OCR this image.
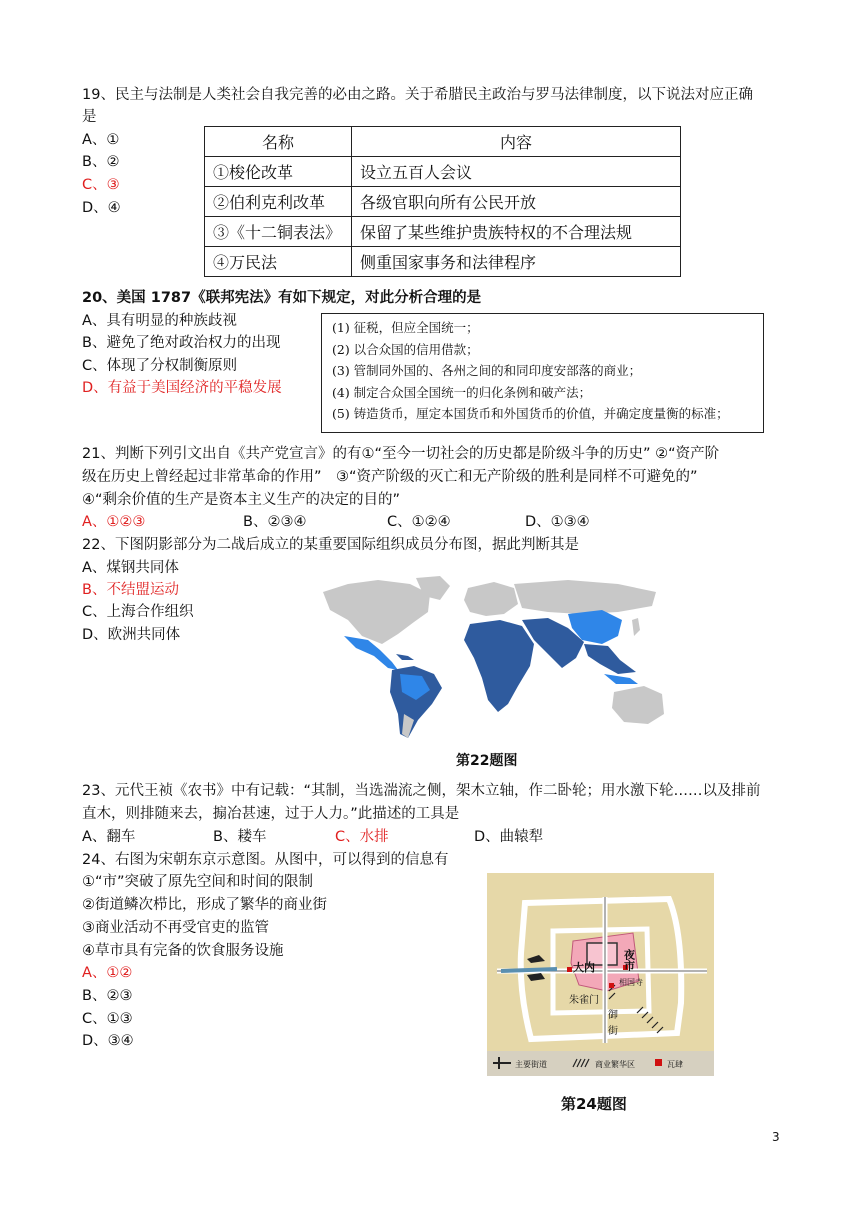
19、民主与法制是人类社会自我完善的必由之路。关于希腊民主政治与罗马法律制度，以下说法对应正确
是
A、①
B、②
C、③
D、④
名称	内容
①梭伦改革	设立五百人会议
②伯利克利改革	各级官职向所有公民开放
③《十二铜表法》	保留了某些维护贵族特权的不合理法规
④万民法	侧重国家事务和法律程序
20、美国 1787《联邦宪法》有如下规定，对此分析合理的是
A、具有明显的种族歧视
B、避免了绝对政治权力的出现
C、体现了分权制衡原则
D、有益于美国经济的平稳发展
(1) 征税，但应全国统一；
(2) 以合众国的信用借款；
(3) 管制同外国的、各州之间的和同印度安部落的商业；
(4) 制定合众国全国统一的归化条例和破产法；
(5) 铸造货币，厘定本国货币和外国货币的价值，并确定度量衡的标准；
21、判断下列引文出自《共产党宣言》的有①“至今一切社会的历史都是阶级斗争的历史” ②“资产阶
级在历史上曾经起过非常革命的作用”　③“资产阶级的灭亡和无产阶级的胜利是同样不可避免的”
④“剩余价值的生产是资本主义生产的决定的目的”
A、①②③	B、②③④	C、①②④	D、①③④
22、下图阴影部分为二战后成立的某重要国际组织成员分布图，据此判断其是
A、煤钢共同体
B、不结盟运动
C、上海合作组织
D、欧洲共同体
第22题图
23、元代王祯《农书》中有记载：“其制，当选湍流之侧，架木立轴，作二卧轮；用水激下轮……以及排前
直木，则排随来去，搧冶甚速，过于人力。”此描述的工具是
A、翻车	B、耧车	C、水排	D、曲辕犁
24、右图为宋朝东京示意图。从图中，可以得到的信息有
①“市”突破了原先空间和时间的限制
②街道鳞次栉比，形成了繁华的商业街
③商业活动不再受官吏的监管
④草市具有完备的饮食服务设施
A、①②
B、②③
C、①③
D、③④
大内	夜市
相国寺
朱雀门
御街
主要街道	商业繁华区	瓦肆
第24题图
3
